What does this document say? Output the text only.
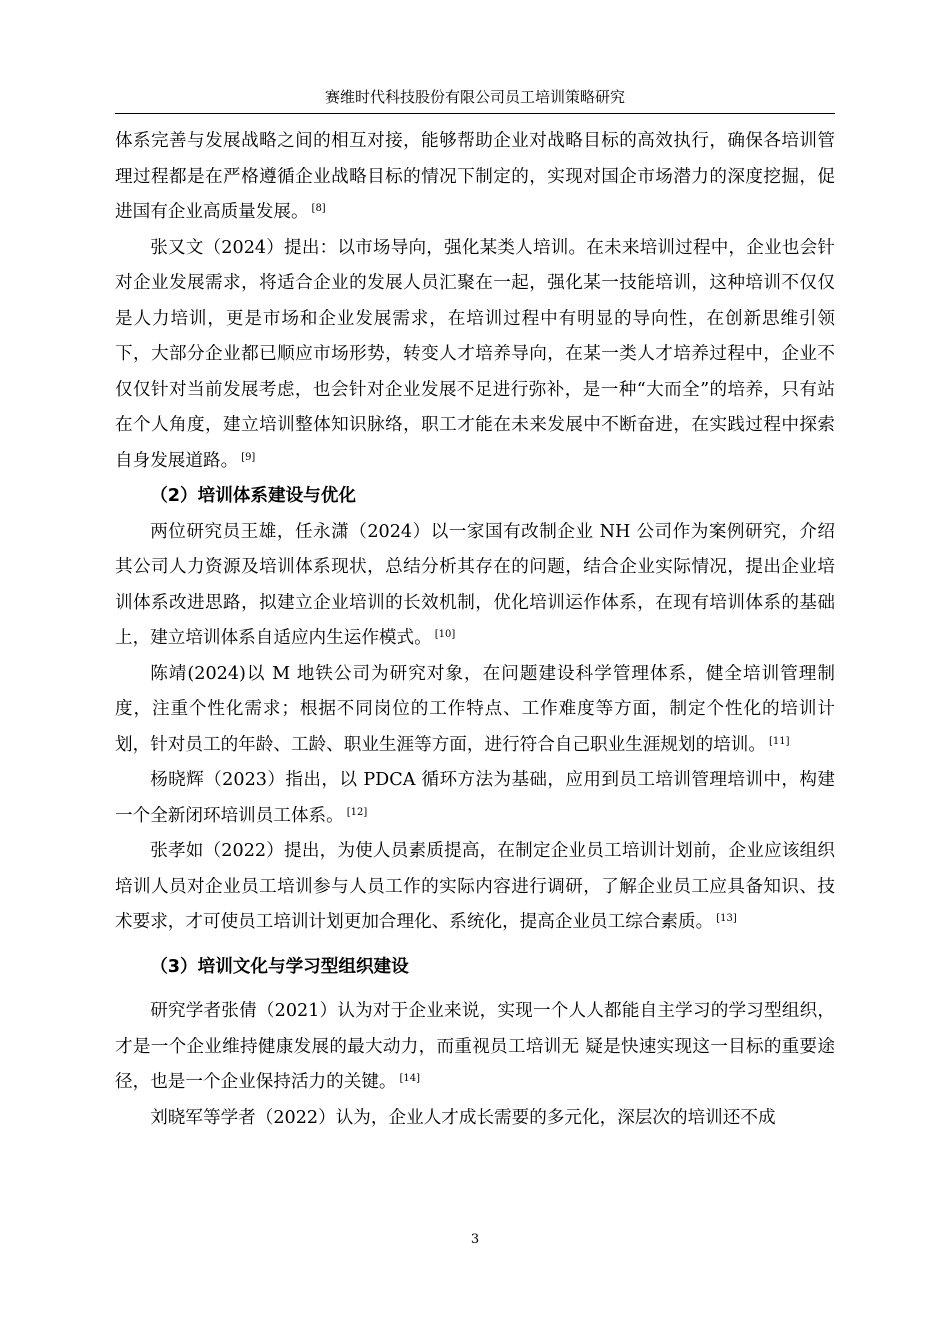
赛维时代科技股份有限公司员工培训策略研究

体系完善与发展战略之间的相互对接，能够帮助企业对战略目标的高效执行，确保各培训管理过程都是在严格遵循企业战略目标的情况下制定的，实现对国企市场潜力的深度挖掘，促进国有企业高质量发展。 [8]

张又文（2024）提出：以市场导向，强化某类人培训。在未来培训过程中，企业也会针对企业发展需求，将适合企业的发展人员汇聚在一起，强化某一技能培训，这种培训不仅仅是人力培训，更是市场和企业发展需求，在培训过程中有明显的导向性，在创新思维引领下，大部分企业都已顺应市场形势，转变人才培养导向，在某一类人才培养过程中，企业不仅仅针对当前发展考虑，也会针对企业发展不足进行弥补，是一种“大而全”的培养，只有站在个人角度，建立培训整体知识脉络，职工才能在未来发展中不断奋进，在实践过程中探索自身发展道路。 [9]

（2）培训体系建设与优化

两位研究员王雄，任永潇（2024）以一家国有改制企业 NH 公司作为案例研究，介绍其公司人力资源及培训体系现状，总结分析其存在的问题，结合企业实际情况，提出企业培训体系改进思路，拟建立企业培训的长效机制，优化培训运作体系，在现有培训体系的基础上，建立培训体系自适应内生运作模式。 [10]

陈靖(2024)以 M 地铁公司为研究对象，在问题建设科学管理体系，健全培训管理制度，注重个性化需求；根据不同岗位的工作特点、工作难度等方面，制定个性化的培训计划，针对员工的年龄、工龄、职业生涯等方面，进行符合自己职业生涯规划的培训。 [11]

杨晓辉（2023）指出，以 PDCA 循环方法为基础，应用到员工培训管理培训中，构建一个全新闭环培训员工体系。 [12]

张孝如（2022）提出，为使人员素质提高，在制定企业员工培训计划前，企业应该组织培训人员对企业员工培训参与人员工作的实际内容进行调研，了解企业员工应具备知识、技术要求，才可使员工培训计划更加合理化、系统化，提高企业员工综合素质。 [13]

（3）培训文化与学习型组织建设

研究学者张倩（2021）认为对于企业来说，实现一个人人都能自主学习的学习型组织，才是一个企业维持健康发展的最大动力，而重视员工培训无 疑是快速实现这一目标的重要途径，也是一个企业保持活力的关键。 [14]

刘晓军等学者（2022）认为，企业人才成长需要的多元化，深层次的培训还不成

3
